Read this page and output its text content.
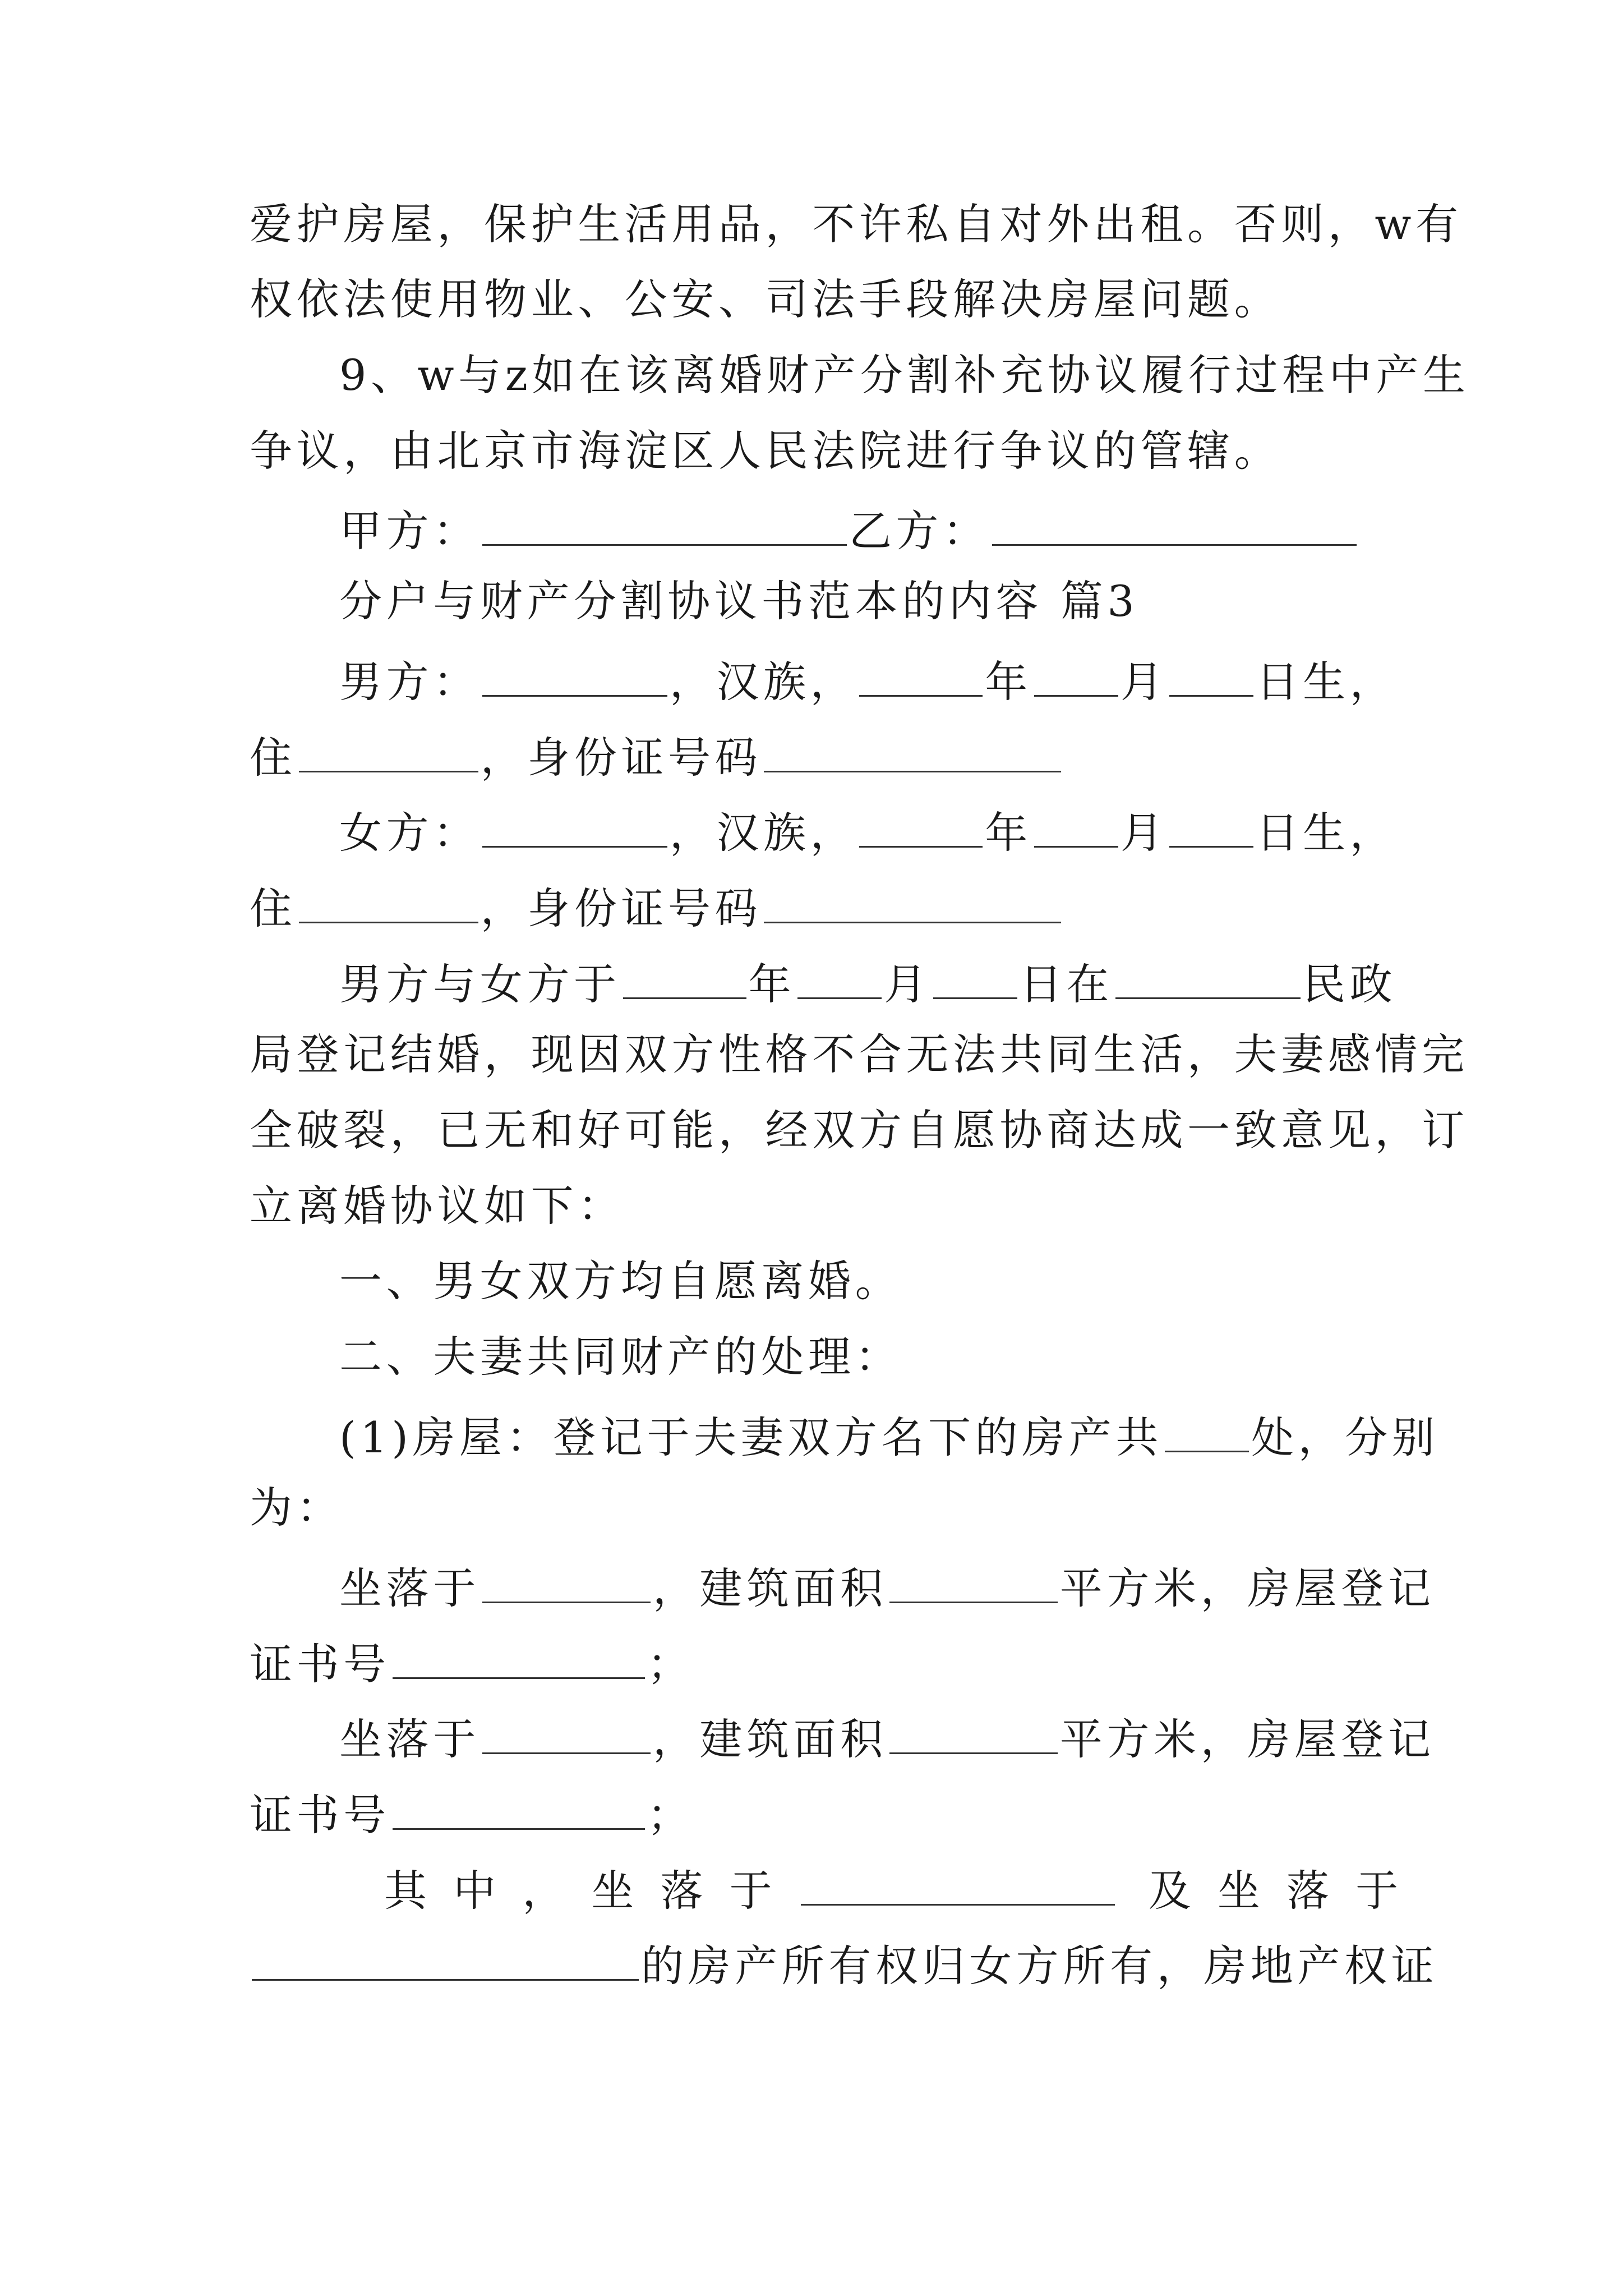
爱护房屋，保护生活用品，不许私自对外出租。否则，w有
权依法使用物业、公安、司法手段解决房屋问题。
9、w与z如在该离婚财产分割补充协议履行过程中产生
争议，由北京市海淀区人民法院进行争议的管辖。
甲方：	乙方：
分户与财产分割协议书范本的内容 篇3
男方：	，汉族，	年 月 日生，
住	，身份证号码
女方：	，汉族，	年 月 日生，
住	，身份证号码
男方与女方于	年 月 日在	民政
局登记结婚，现因双方性格不合无法共同生活，夫妻感情完
全破裂，已无和好可能，经双方自愿协商达成一致意见，订
立离婚协议如下：
一、男女双方均自愿离婚。
二、夫妻共同财产的处理：
(1)房屋：登记于夫妻双方名下的房产共 处，分别
为：
坐落于	，建筑面积	平方米，房屋登记
证书号	；
坐落于	，建筑面积	平方米，房屋登记
证书号	；
其中，坐落于	及坐落于
的房产所有权归女方所有，房地产权证
